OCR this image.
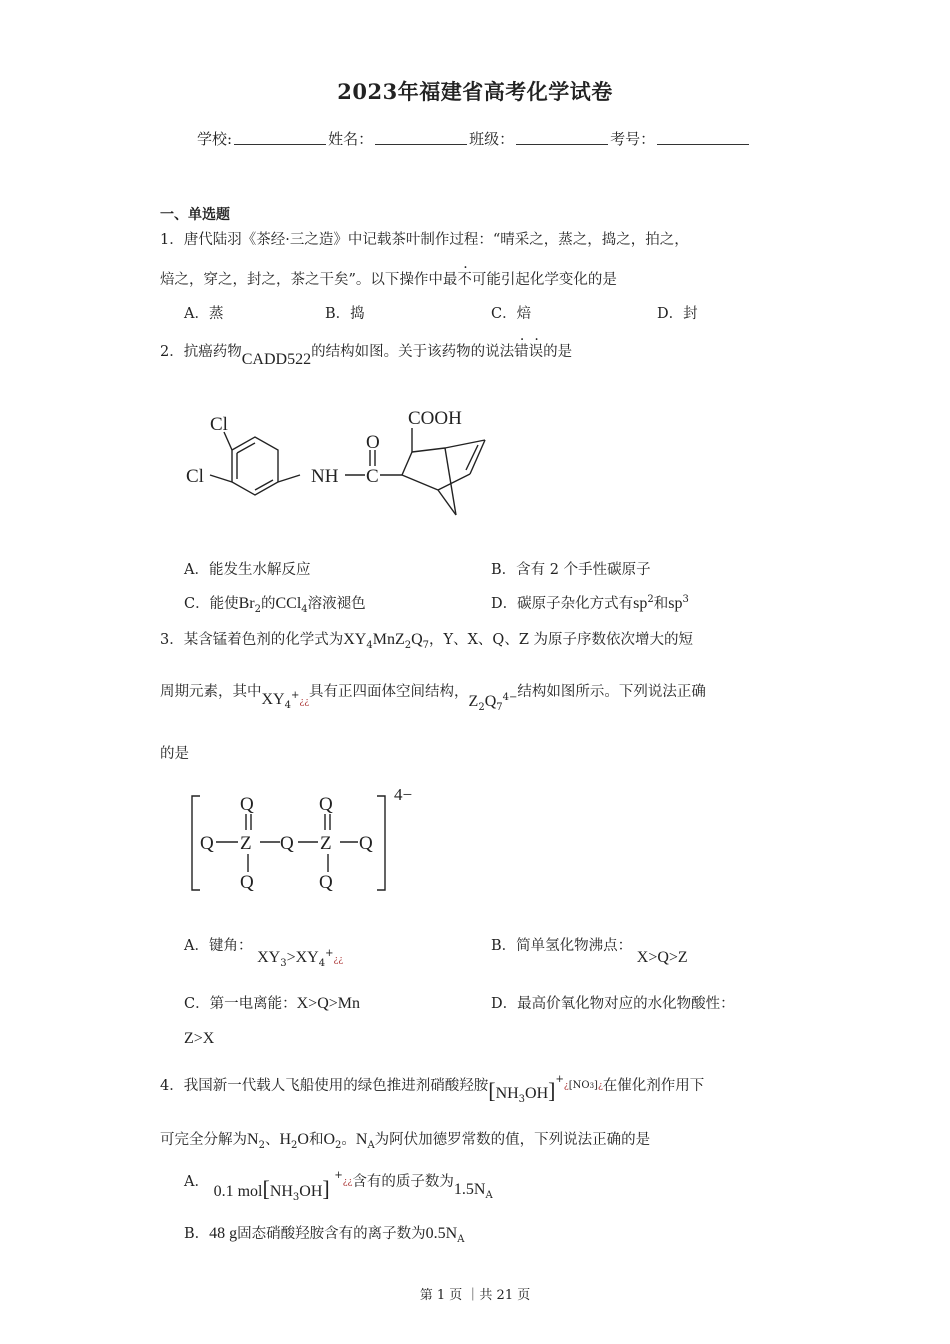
2023年福建省高考化学试卷
学校:	姓名：	班级：	考号：
一、单选题
1．唐代陆羽《茶经·三之造》中记载茶叶制作过程：“晴采之，蒸之，捣之，拍之，
焙之，穿之，封之，茶之干矣”。以下操作中最不可能引起化学变化的是
A．蒸	B．捣	C．焙	D．封
2．抗癌药物CADD522的结构如图。关于该药物的说法错误的是
Cl
Cl
O
NH C
COOH
A．能发生水解反应	B．含有 2 个手性碳原子
C．能使$Br_2$的CCl$_4$溶液褪色	D．碳原子杂化方式有$sp^2$和$sp^3$
3．某含锰着色剂的化学式为$XY_4MnZ_2Q_7$，Y、X、Q、Z 为原子序数依次增大的短
周期元素，其中$XY_4^+¿¿$具有正四面体空间结构，$Z_2Q_7^{4-}$结构如图所示。下列说法正确
的是
Q	Q
Q Z Q Z Q
Q	Q
4−
A．键角： $XY_3>XY_4^+¿¿$
B．简单氢化物沸点： X>Q>Z
C．第一电离能：X>Q>Mn	D．最高价氧化物对应的水化物酸性：
Z>X
4．我国新一代载人飞船使用的绿色推进剂硝酸羟胺$[NH_3OH]^+¿[NO3]¿$在催化剂作用下
可完全分解为$N_2$、$H_2O$和$O_2$。$N_A$为阿伏加德罗常数的值，下列说法正确的是
A． 0.1 $mol[NH_3OH]$ +¿¿含有的质子数为$1.5N_A$
B．48 g固态硝酸羟胺含有的离子数为$0.5N_A$
第 1 页 ｜共 21 页
